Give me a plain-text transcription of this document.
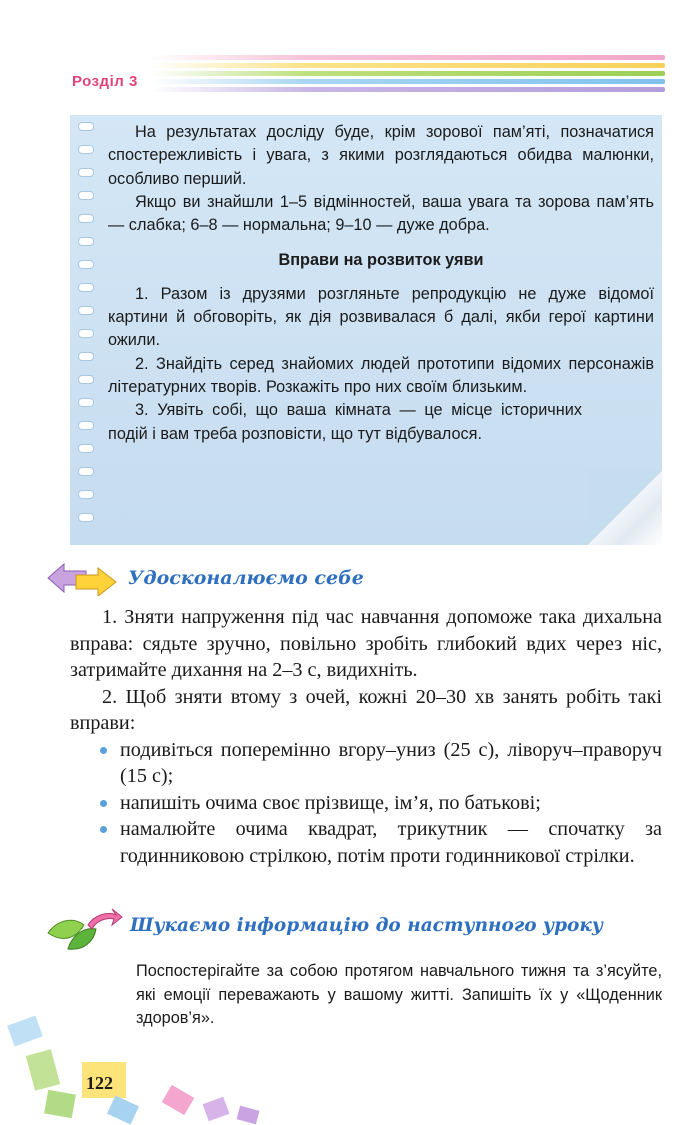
Розділ 3

На результатах досліду буде, крім зорової пам’яті, позначатися спостережливість і увага, з якими розглядаються обидва малюнки, особливо перший.

Якщо ви знайшли 1–5 відмінностей, ваша увага та зорова пам’ять — слабка; 6–8 — нормальна; 9–10 — дуже добра.

Вправи на розвиток уяви

1. Разом із друзями розгляньте репродукцію не дуже відомої картини й обговоріть, як дія розвивалася б далі, якби герої картини ожили.

2. Знайдіть серед знайомих людей прототипи відомих персонажів літературних творів. Розкажіть про них своїм близьким.

3. Уявіть собі, що ваша кімната — це місце історичних подій і вам треба розповісти, що тут відбувалося.

Удосконалюємо себе

1. Зняти напруження під час навчання допоможе така дихальна вправа: сядьте зручно, повільно зробіть глибокий вдих через ніс, затримайте дихання на 2–3 с, видихніть.

2. Щоб зняти втому з очей, кожні 20–30 хв занять робіть такі вправи:

подивіться поперемінно вгору–униз (25 с), ліворуч–праворуч (15 с);
напишіть очима своє прізвище, ім’я, по батькові;
намалюйте очима квадрат, трикутник — спочатку за годинниковою стрілкою, потім проти годинникової стрілки.
Шукаємо інформацію до наступного уроку

Поспостерігайте за собою протягом навчального тижня та з’ясуйте, які емоції переважають у вашому житті. Запишіть їх у «Щоденник здоров’я».

122
